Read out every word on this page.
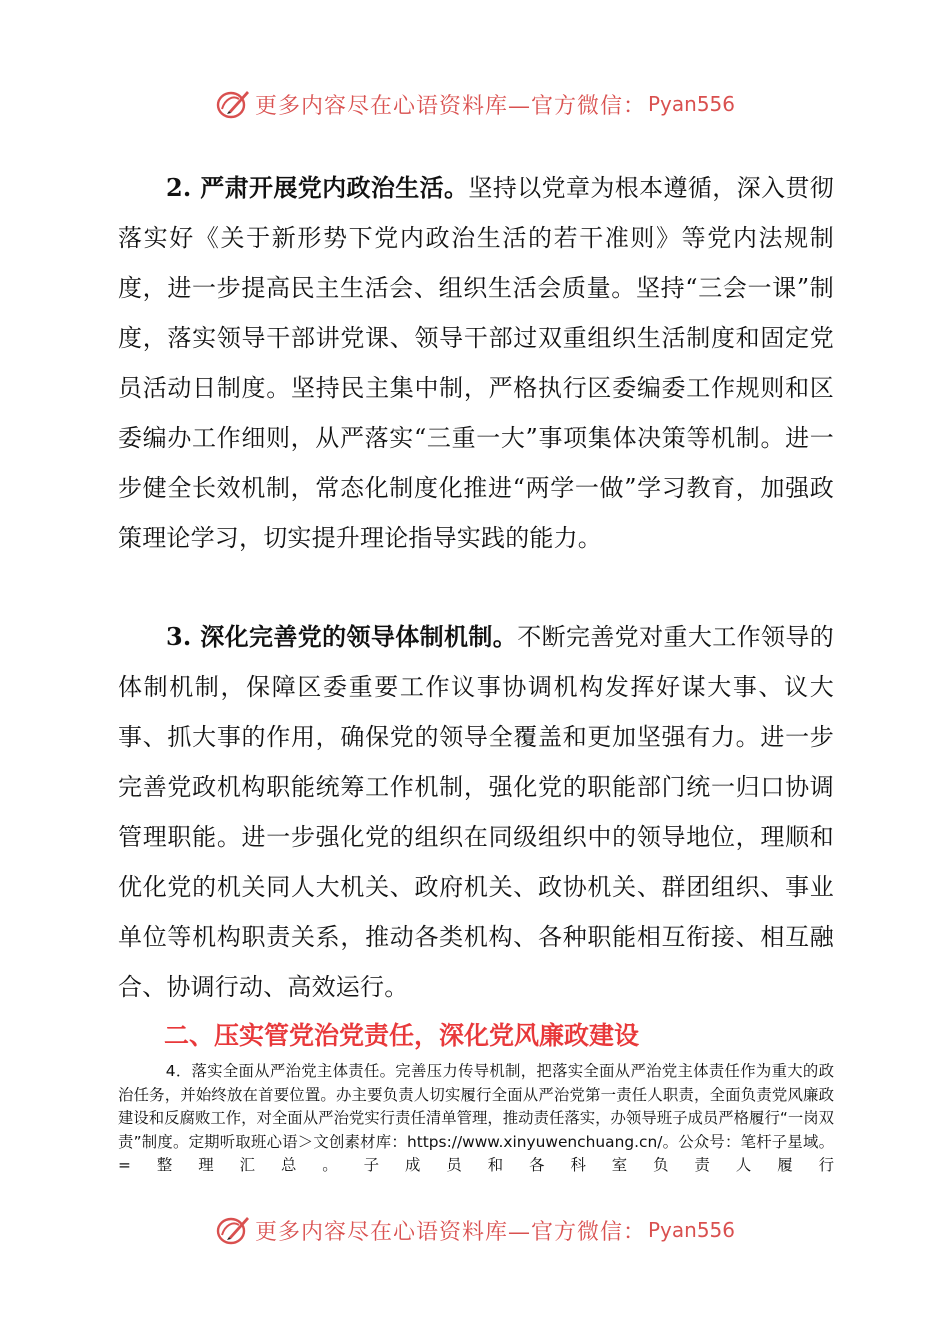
更多内容尽在心语资料库—官方微信： Pyan556

2. 严肃开展党内政治生活。坚持以党章为根本遵循，深入贯彻落实好《关于新形势下党内政治生活的若干准则》等党内法规制度，进一步提高民主生活会、组织生活会质量。坚持“三会一课”制度，落实领导干部讲党课、领导干部过双重组织生活制度和固定党员活动日制度。坚持民主集中制，严格执行区委编委工作规则和区委编办工作细则，从严落实“三重一大”事项集体决策等机制。进一步健全长效机制，常态化制度化推进“两学一做”学习教育，加强政策理论学习，切实提升理论指导实践的能力。

3. 深化完善党的领导体制机制。不断完善党对重大工作领导的体制机制，保障区委重要工作议事协调机构发挥好谋大事、议大事、抓大事的作用，确保党的领导全覆盖和更加坚强有力。进一步完善党政机构职能统筹工作机制，强化党的职能部门统一归口协调管理职能。进一步强化党的组织在同级组织中的领导地位，理顺和优化党的机关同人大机关、政府机关、政协机关、群团组织、事业单位等机构职责关系，推动各类机构、各种职能相互衔接、相互融合、协调行动、高效运行。

二、压实管党治党责任，深化党风廉政建设

4．落实全面从严治党主体责任。完善压力传导机制，把落实全面从严治党主体责任作为重大的政治任务，并始终放在首要位置。办主要负责人切实履行全面从严治党第一责任人职责，全面负责党风廉政建设和反腐败工作，对全面从严治党实行责任清单管理，推动责任落实，办领导班子成员严格履行“一岗双责”制度。定期听取班心语＞文创素材库：https://www.xinyuwenchuang.cn/。公众号：笔杆子星域。=整理汇总。子成员和各科室负责人履行

更多内容尽在心语资料库—官方微信： Pyan556
